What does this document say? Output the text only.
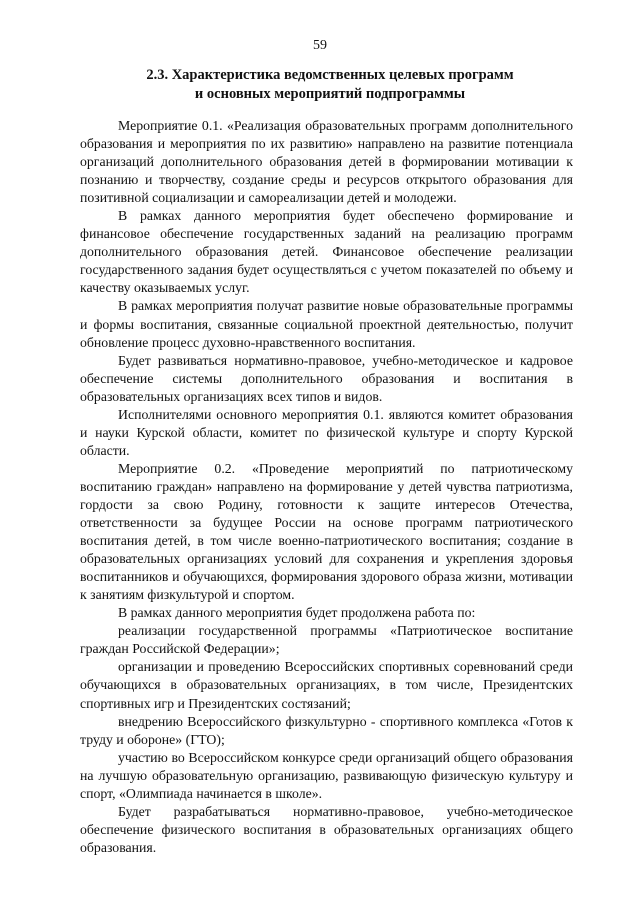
59
2.3. Характеристика ведомственных целевых программ
и основных мероприятий подпрограммы

Мероприятие 0.1. «Реализация образовательных программ дополнительного образования и мероприятия по их развитию» направлено на развитие потенциала организаций дополнительного образования детей в формировании мотивации к познанию и творчеству, создание среды и ресурсов открытого образования для позитивной социализации и самореализации детей и молодежи.

В рамках данного мероприятия будет обеспечено формирование и финансовое обеспечение государственных заданий на реализацию программ дополнительного образования детей. Финансовое обеспечение реализации государственного задания будет осуществляться с учетом показателей по объему и качеству оказываемых услуг.

В рамках мероприятия получат развитие новые образовательные программы и формы воспитания, связанные социальной проектной деятельностью, получит обновление процесс духовно-нравственного воспитания.

Будет развиваться нормативно-правовое, учебно-методическое и кадровое обеспечение системы дополнительного образования и воспитания в образовательных организациях всех типов и видов.

Исполнителями основного мероприятия 0.1. являются комитет образования и науки Курской области, комитет по физической культуре и спорту Курской области.

Мероприятие 0.2. «Проведение мероприятий по патриотическому воспитанию граждан» направлено на формирование у детей чувства патриотизма, гордости за свою Родину, готовности к защите интересов Отечества, ответственности за будущее России на основе программ патриотического воспитания детей, в том числе военно-патриотического воспитания; создание в образовательных организациях условий для сохранения и укрепления здоровья воспитанников и обучающихся, формирования здорового образа жизни, мотивации к занятиям физкультурой и спортом.

В рамках данного мероприятия будет продолжена работа по:

реализации государственной программы «Патриотическое воспитание граждан Российской Федерации»;

организации и проведению Всероссийских спортивных соревнований среди обучающихся в образовательных организациях, в том числе, Президентских спортивных игр и Президентских состязаний;

внедрению Всероссийского физкультурно - спортивного комплекса «Готов к труду и обороне» (ГТО);

участию во Всероссийском конкурсе среди организаций общего образования на лучшую образовательную организацию, развивающую физическую культуру и спорт, «Олимпиада начинается в школе».

Будет разрабатываться нормативно-правовое, учебно-методическое обеспечение физического воспитания в образовательных организациях общего образования.
